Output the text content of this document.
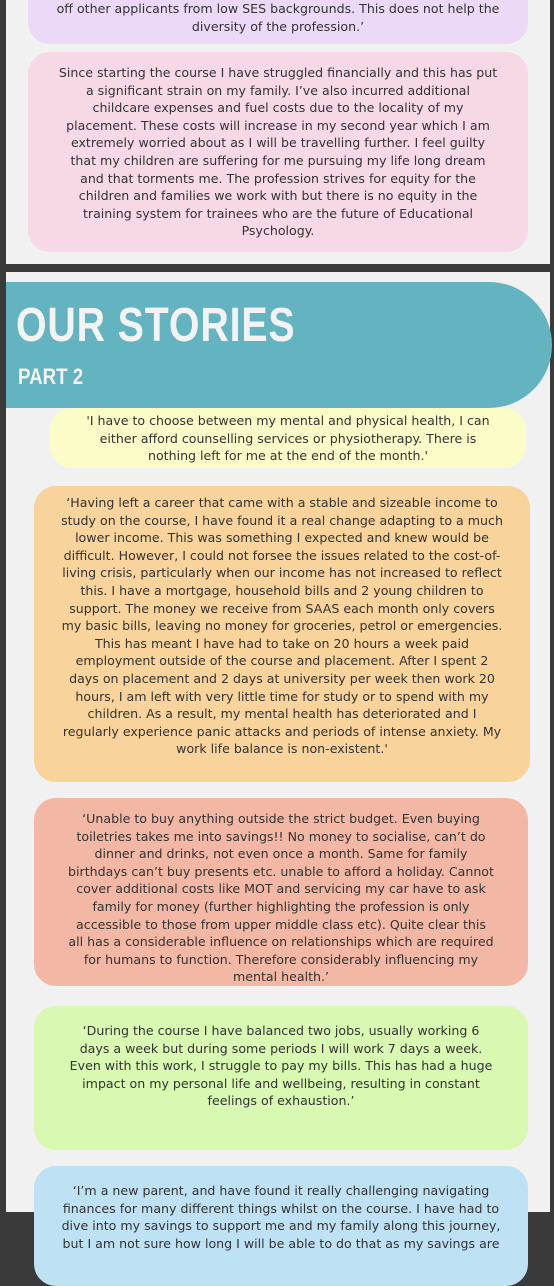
off other applicants from low SES backgrounds. This does not help the

diversity of the profession.’

Since starting the course I have struggled financially and this has put

a significant strain on my family. I’ve also incurred additional

childcare expenses and fuel costs due to the locality of my

placement. These costs will increase in my second year which I am

extremely worried about as I will be travelling further. I feel guilty

that my children are suffering for me pursuing my life long dream

and that torments me. The profession strives for equity for the

children and families we work with but there is no equity in the

training system for trainees who are the future of Educational

Psychology.

OUR STORIES
PART 2

'I have to choose between my mental and physical health, I can

either afford counselling services or physiotherapy. There is

nothing left for me at the end of the month.'

‘Having left a career that came with a stable and sizeable income to

study on the course, I have found it a real change adapting to a much

lower income. This was something I expected and knew would be

difficult. However, I could not forsee the issues related to the cost-of-

living crisis, particularly when our income has not increased to reflect

this. I have a mortgage, household bills and 2 young children to

support. The money we receive from SAAS each month only covers

my basic bills, leaving no money for groceries, petrol or emergencies.

This has meant I have had to take on 20 hours a week paid

employment outside of the course and placement. After I spent 2

days on placement and 2 days at university per week then work 20

hours, I am left with very little time for study or to spend with my

children. As a result, my mental health has deteriorated and I

regularly experience panic attacks and periods of intense anxiety. My

work life balance is non-existent.'

‘Unable to buy anything outside the strict budget. Even buying

toiletries takes me into savings!! No money to socialise, can’t do

dinner and drinks, not even once a month. Same for family

birthdays can’t buy presents etc. unable to afford a holiday. Cannot

cover additional costs like MOT and servicing my car have to ask

family for money (further highlighting the profession is only

accessible to those from upper middle class etc). Quite clear this

all has a considerable influence on relationships which are required

for humans to function. Therefore considerably influencing my

mental health.’

‘During the course I have balanced two jobs, usually working 6

days a week but during some periods I will work 7 days a week.

Even with this work, I struggle to pay my bills. This has had a huge

impact on my personal life and wellbeing, resulting in constant

feelings of exhaustion.’

‘I’m a new parent, and have found it really challenging navigating

finances for many different things whilst on the course. I have had to

dive into my savings to support me and my family along this journey,

but I am not sure how long I will be able to do that as my savings are
